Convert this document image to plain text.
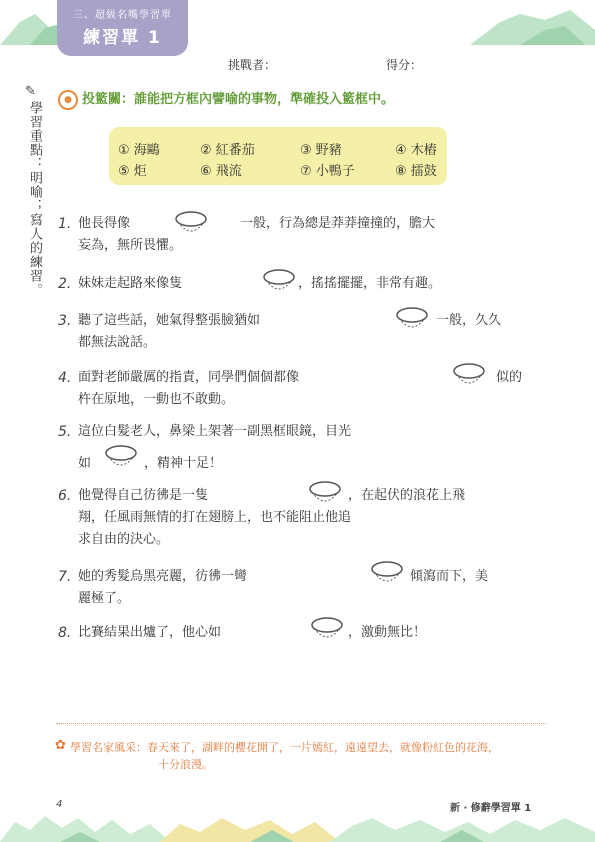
三、超級名嘴學習單
練習單 1
挑戰者：	得分：
✎
學習重點：明喻；寫人的練習。
● 投籃關：誰能把方框內譬喻的事物，準確投入籃框中。
① 海鷗	② 紅番茄	③ 野豬	④ 木樁
⑤ 炬	⑥ 飛流	⑦ 小鴨子	⑧ 擂鼓
1. 他長得像	一般，行為總是莽莽撞撞的，膽大
妄為，無所畏懼。
2. 妹妹走起路來像隻	，搖搖擺擺，非常有趣。
3. 聽了這些話，她氣得整張臉猶如	一般，久久
都無法說話。
4. 面對老師嚴厲的指責，同學們個個都像	似的
杵在原地，一動也不敢動。
5. 這位白髮老人，鼻梁上架著一副黑框眼鏡，目光
如	，精神十足！
6. 他覺得自己彷彿是一隻	，在起伏的浪花上飛
翔，任風雨無情的打在翅膀上，也不能阻止他追
求自由的決心。
7. 她的秀髮烏黑亮麗，彷彿一彎	傾瀉而下，美
麗極了。
8. 比賽結果出爐了，他心如	，激動無比！
✿ 學習名家風采：春天來了，湖畔的櫻花開了，一片嫣紅，遠遠望去，就像粉紅色的花海，
十分浪漫。
4	新 · 修辭學習單 1
